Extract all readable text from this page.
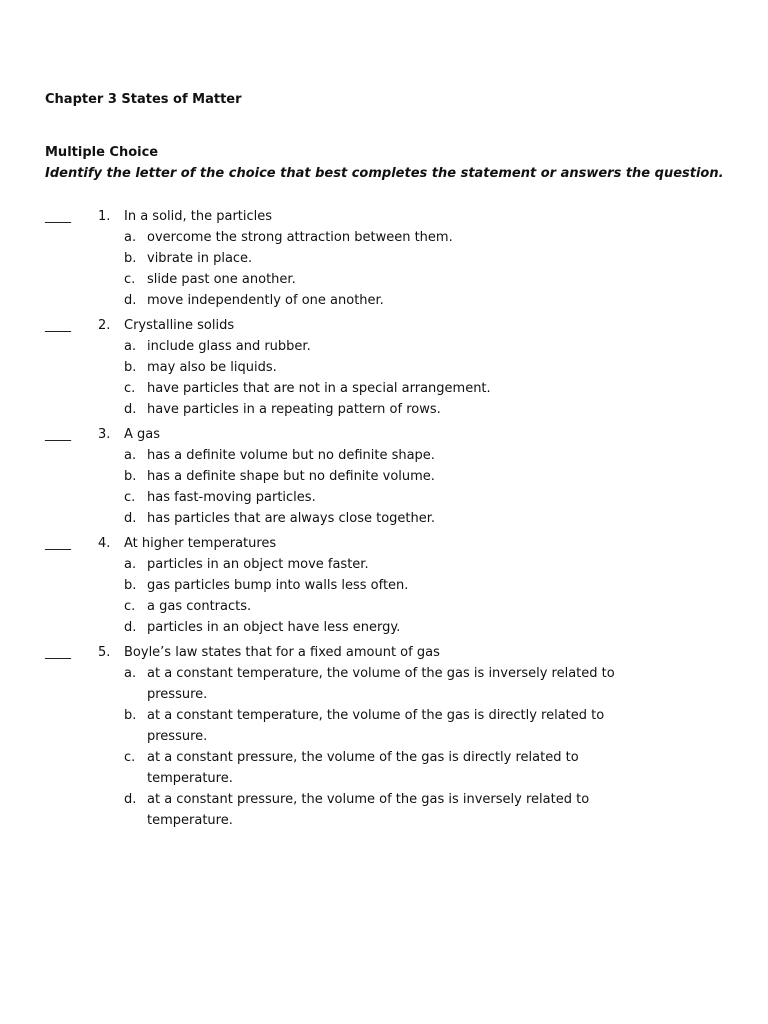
Chapter 3 States of Matter
Multiple Choice
Identify the letter of the choice that best completes the statement or answers the question.
____	1.	In a solid, the particles
a. overcome the strong attraction between them.
b. vibrate in place.
c. slide past one another.
d. move independently of one another.
____	2.	Crystalline solids
a. include glass and rubber.
b. may also be liquids.
c. have particles that are not in a special arrangement.
d. have particles in a repeating pattern of rows.
____	3.	A gas
a. has a definite volume but no definite shape.
b. has a definite shape but no definite volume.
c. has fast-moving particles.
d. has particles that are always close together.
____	4.	At higher temperatures
a. particles in an object move faster.
b. gas particles bump into walls less often.
c. a gas contracts.
d. particles in an object have less energy.
____	5.	Boyle’s law states that for a fixed amount of gas
a. at a constant temperature, the volume of the gas is inversely related to pressure.
b. at a constant temperature, the volume of the gas is directly related to pressure.
c. at a constant pressure, the volume of the gas is directly related to temperature.
d. at a constant pressure, the volume of the gas is inversely related to temperature.
